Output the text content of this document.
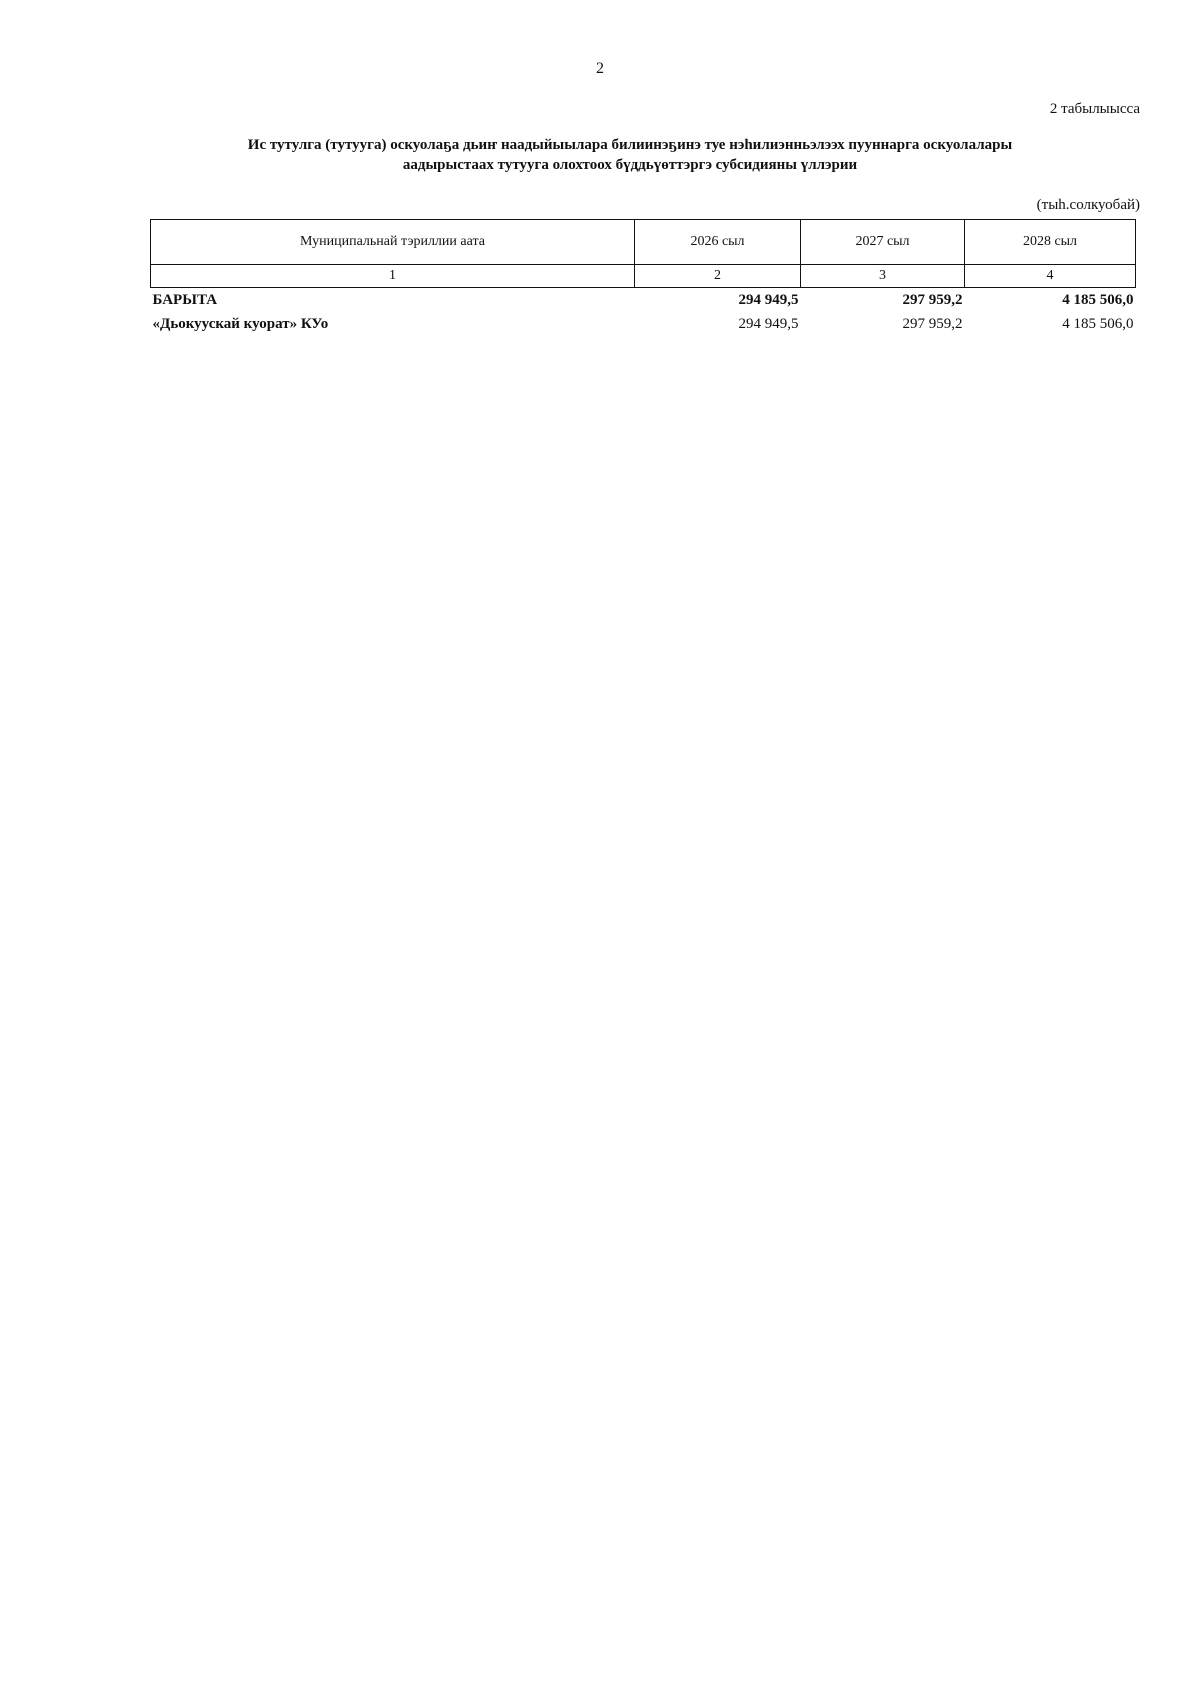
2
2 табылыысса
Ис тутулга (тутууга) оскуолаҕа дьиҥ наадыйыылара билиинэҕинэ туе нэһилиэнньэлээх пууннарга оскуолалары
аадырыстаах тутууга олохтоох бүддьүөттэргэ субсидияны үллэрии
(тыһ.солкуобай)
Муниципальнай тэриллии аата	2026 сыл	2027 сыл	2028 сыл
1	2	3	4
БАРЫТА	294 949,5	297 959,2	4 185 506,0
«Дьокуускай куорат» КУо	294 949,5	297 959,2	4 185 506,0
